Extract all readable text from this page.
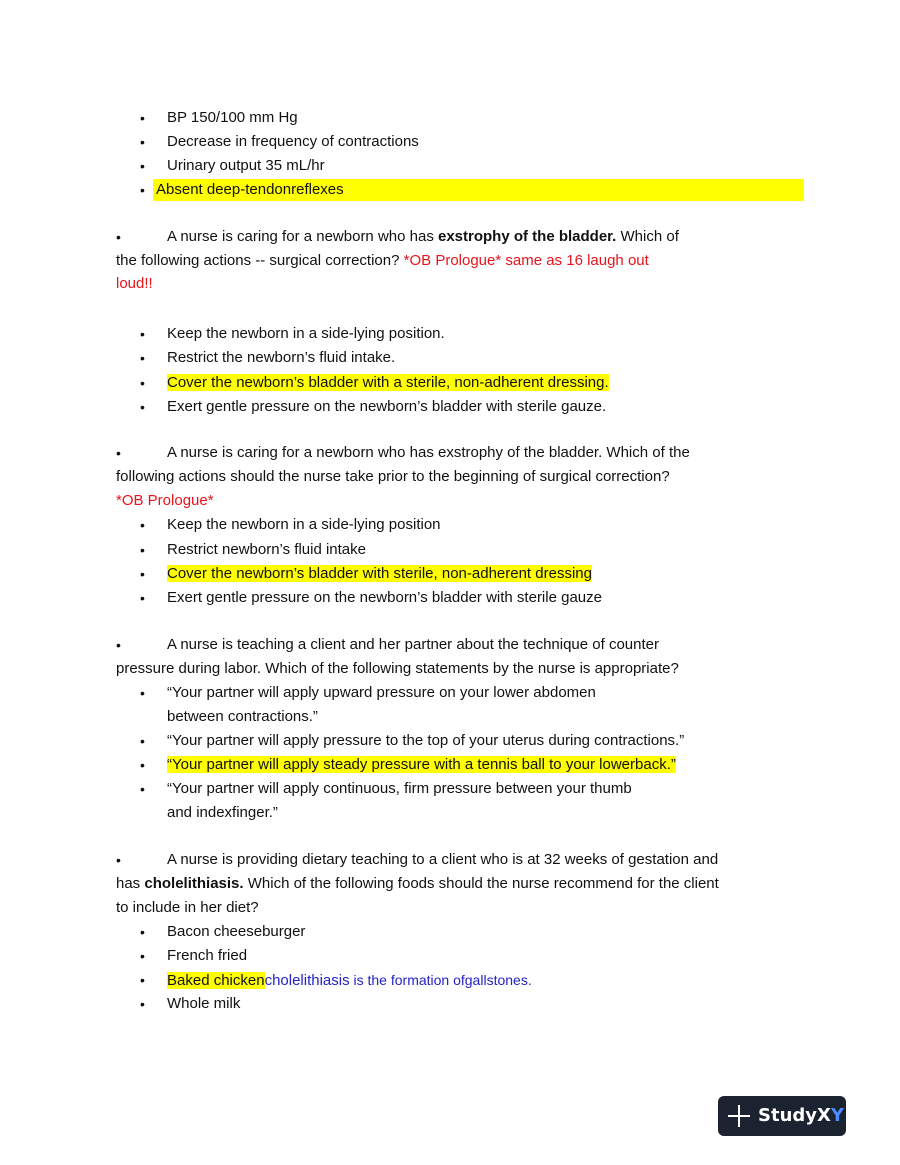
• BP 150/100 mm Hg
• Decrease in frequency of contractions
• Urinary output 35 mL/hr
• Absent deep-tendonreflexes
•	A nurse is caring for a newborn who has exstrophy of the bladder. Which of
the following actions -- surgical correction? *OB Prologue* same as 16 laugh out
loud!!
• Keep the newborn in a side-lying position.
• Restrict the newborn’s fluid intake.
• Cover the newborn’s bladder with a sterile, non-adherent dressing.
• Exert gentle pressure on the newborn’s bladder with sterile gauze.
•	A nurse is caring for a newborn who has exstrophy of the bladder. Which of the
following actions should the nurse take prior to the beginning of surgical correction?
*OB Prologue*
• Keep the newborn in a side-lying position
• Restrict newborn’s fluid intake
• Cover the newborn’s bladder with sterile, non-adherent dressing
• Exert gentle pressure on the newborn’s bladder with sterile gauze
•	A nurse is teaching a client and her partner about the technique of counter
pressure during labor. Which of the following statements by the nurse is appropriate?
• “Your partner will apply upward pressure on your lower abdomen
between contractions.”
• “Your partner will apply pressure to the top of your uterus during contractions.”
• “Your partner will apply steady pressure with a tennis ball to your lowerback.”
• “Your partner will apply continuous, firm pressure between your thumb
and indexfinger.”
•	A nurse is providing dietary teaching to a client who is at 32 weeks of gestation and
has cholelithiasis. Which of the following foods should the nurse recommend for the client
to include in her diet?
• Bacon cheeseburger
• French fried
• Baked chickencholelithiasis is the formation ofgallstones.
• Whole milk
StudyXY
